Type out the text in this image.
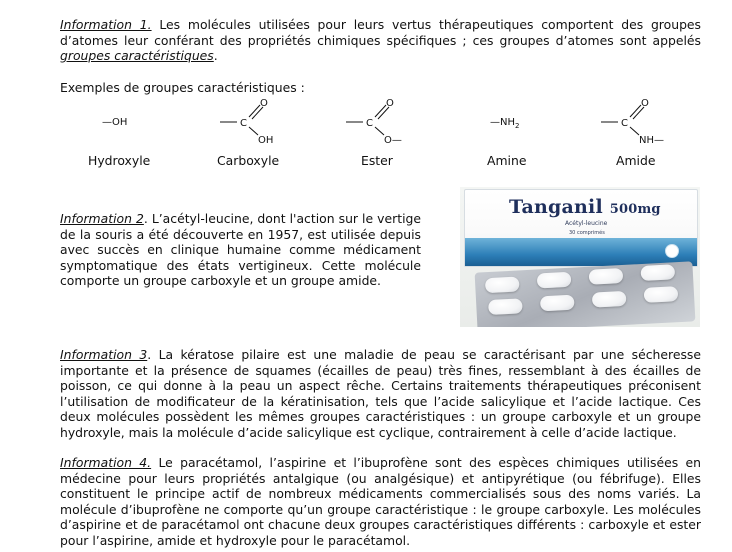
Information 1. Les molécules utilisées pour leurs vertus thérapeutiques comportent des groupes d’atomes leur conférant des propriétés chimiques spécifiques ; ces groupes d’atomes sont appelés groupes caractéristiques.
Exemples de groupes caractéristiques :
—OH
Hydroxyle
C
O
OH
Carboxyle
C
O
O—
Ester
$—NH_2$
Amine
C
O
NH—
Amide
Information 2. L’acétyl-leucine, dont l'action sur le vertige de la souris a été découverte en 1957, est utilisée depuis avec succès en clinique humaine comme médicament symptomatique des états vertigineux. Cette molécule comporte un groupe carboxyle et un groupe amide.
Tanganil 500mg
Acétyl-leucine
30 comprimés
Information 3. La kératose pilaire est une maladie de peau se caractérisant par une sécheresse importante et la présence de squames (écailles de peau) très fines, ressemblant à des écailles de poisson, ce qui donne à la peau un aspect rêche. Certains traitements thérapeutiques préconisent l’utilisation de modificateur de la kératinisation, tels que l’acide salicylique et l’acide lactique. Ces deux molécules possèdent les mêmes groupes caractéristiques : un groupe carboxyle et un groupe hydroxyle, mais la molécule d’acide salicylique est cyclique, contrairement à celle d’acide lactique.
Information 4. Le paracétamol, l’aspirine et l’ibuprofène sont des espèces chimiques utilisées en médecine pour leurs propriétés antalgique (ou analgésique) et antipyrétique (ou fébrifuge). Elles constituent le principe actif de nombreux médicaments commercialisés sous des noms variés. La molécule d’ibuprofène ne comporte qu’un groupe caractéristique : le groupe carboxyle. Les molécules d’aspirine et de paracétamol ont chacune deux groupes caractéristiques différents : carboxyle et ester pour l’aspirine, amide et hydroxyle pour le paracétamol.
